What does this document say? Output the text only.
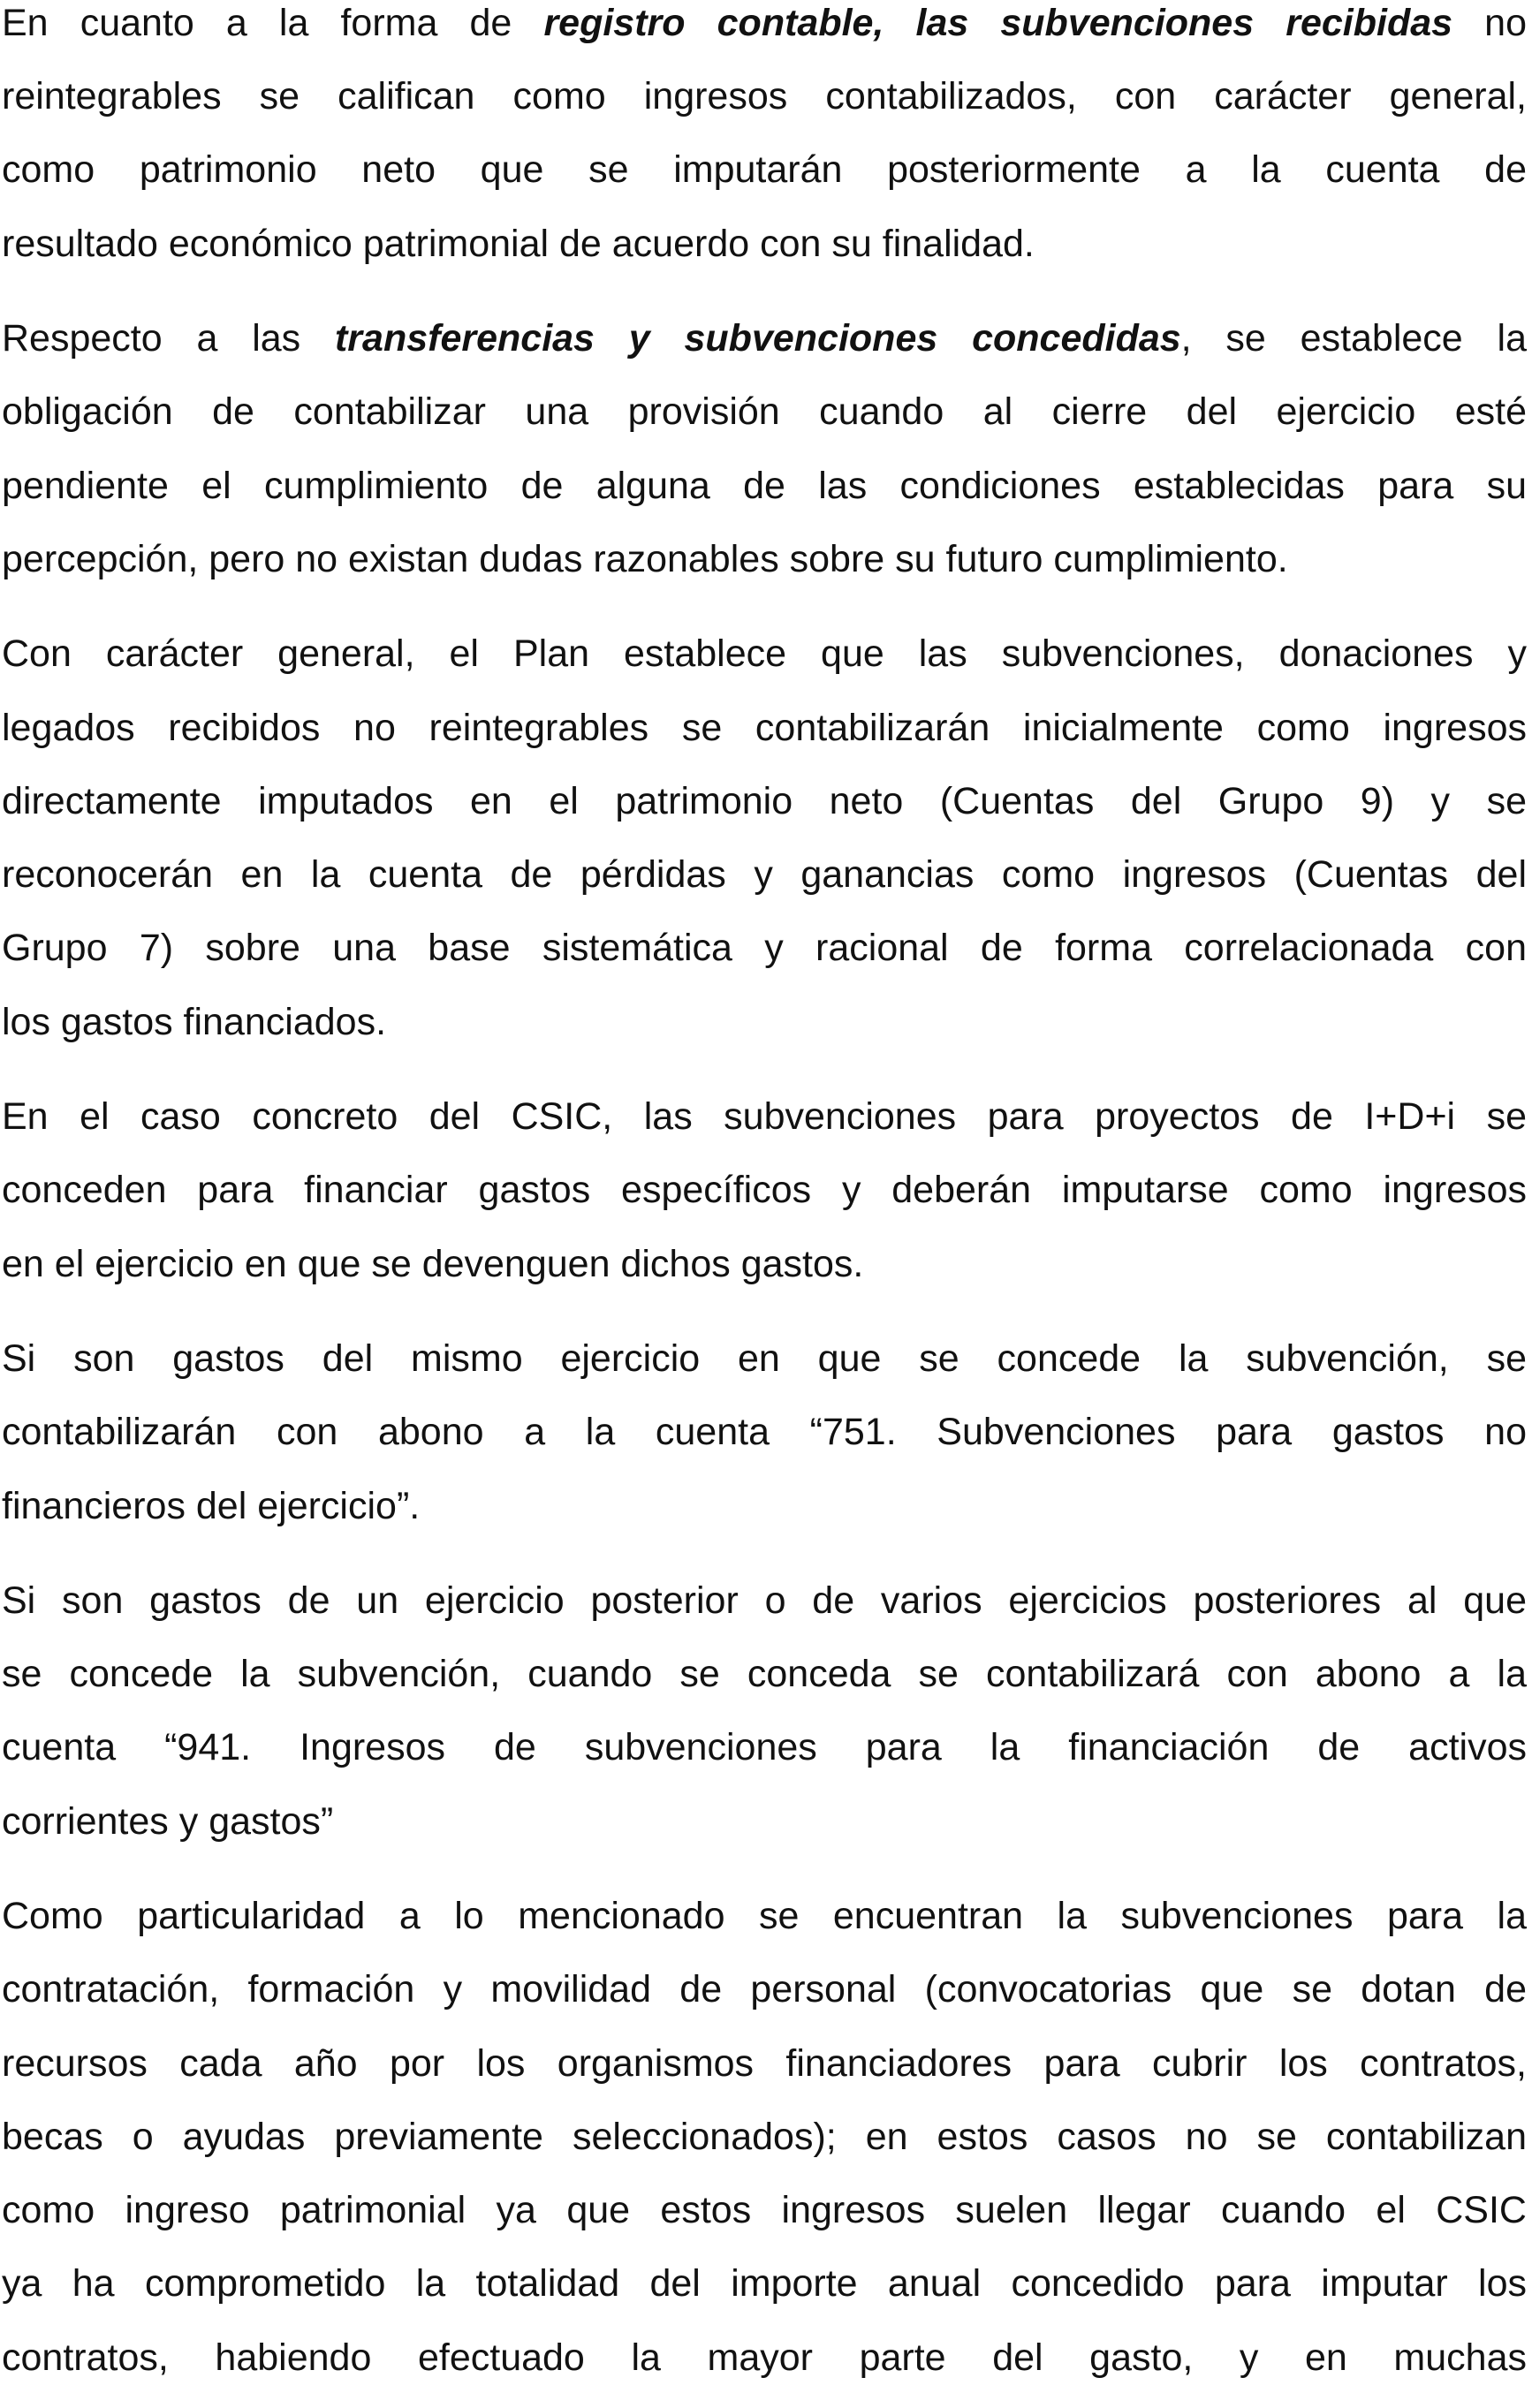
En cuanto a la forma de registro contable, las subvenciones recibidas no
reintegrables se califican como ingresos contabilizados, con carácter general,
como patrimonio neto que se imputarán posteriormente a la cuenta de
resultado económico patrimonial de acuerdo con su finalidad.
Respecto a las transferencias y subvenciones concedidas, se establece la
obligación de contabilizar una provisión cuando al cierre del ejercicio esté
pendiente el cumplimiento de alguna de las condiciones establecidas para su
percepción, pero no existan dudas razonables sobre su futuro cumplimiento.
Con carácter general, el Plan establece que las subvenciones, donaciones y
legados recibidos no reintegrables se contabilizarán inicialmente como ingresos
directamente imputados en el patrimonio neto (Cuentas del Grupo 9) y se
reconocerán en la cuenta de pérdidas y ganancias como ingresos (Cuentas del
Grupo 7) sobre una base sistemática y racional de forma correlacionada con
los gastos financiados.
En el caso concreto del CSIC, las subvenciones para proyectos de I+D+i se
conceden para financiar gastos específicos y deberán imputarse como ingresos
en el ejercicio en que se devenguen dichos gastos.
Si son gastos del mismo ejercicio en que se concede la subvención, se
contabilizarán con abono a la cuenta “751. Subvenciones para gastos no
financieros del ejercicio”.
Si son gastos de un ejercicio posterior o de varios ejercicios posteriores al que
se concede la subvención, cuando se conceda se contabilizará con abono a la
cuenta “941. Ingresos de subvenciones para la financiación de activos
corrientes y gastos”
Como particularidad a lo mencionado se encuentran la subvenciones para la
contratación, formación y movilidad de personal (convocatorias que se dotan de
recursos cada año por los organismos financiadores para cubrir los contratos,
becas o ayudas previamente seleccionados); en estos casos no se contabilizan
como ingreso patrimonial ya que estos ingresos suelen llegar cuando el CSIC
ya ha comprometido la totalidad del importe anual concedido para imputar los
contratos, habiendo efectuado la mayor parte del gasto, y en muchas
